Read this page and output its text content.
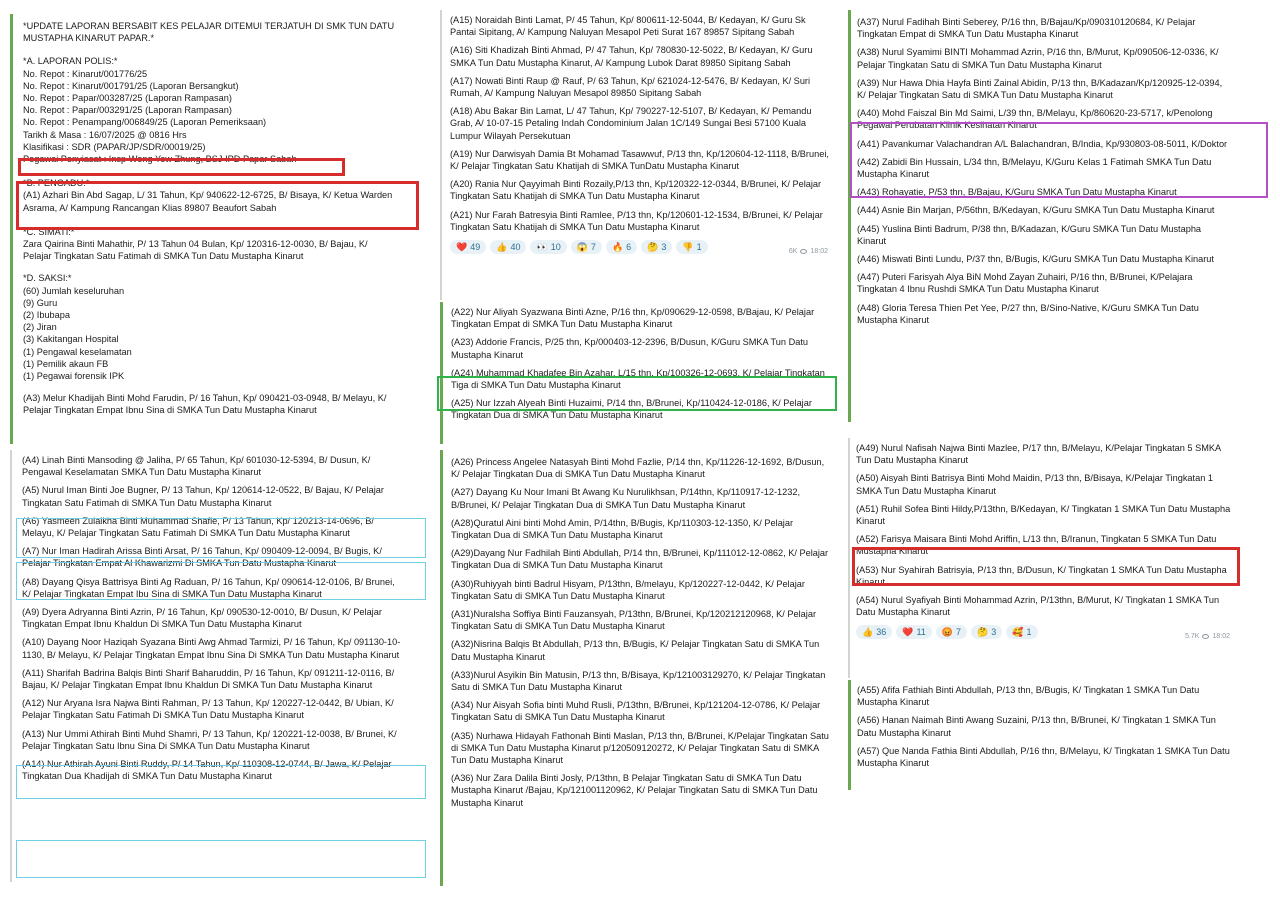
*UPDATE LAPORAN BERSABIT KES PELAJAR DITEMUI TERJATUH DI SMK TUN DATU
MUSTAPHA KINARUT PAPAR.*
*A. LAPORAN POLIS:*
No. Repot : Kinarut/001776/25
No. Repot : Kinarut/001791/25 (Laporan Bersangkut)
No. Repot : Papar/003287/25 (Laporan Rampasan)
No. Repot : Papar/003291/25 (Laporan Rampasan)
No. Repot : Penampang/006849/25 (Laporan Pemeriksaan)
Tarikh & Masa : 16/07/2025 @ 0816 Hrs
Klasifikasi : SDR (PAPAR/JP/SDR/00019/25)
Pegawai Penyiasat : Insp Wong Yew Zhung, BSJ IPD Papar Sabah
*B. PENGADU:*
(A1) Azhari Bin Abd Sagap, L/ 31 Tahun, Kp/ 940622-12-6725, B/ Bisaya, K/ Ketua Warden
Asrama, A/ Kampung Rancangan Klias 89807 Beaufort Sabah
*C. SIMATI:*
Zara Qairina Binti Mahathir, P/ 13 Tahun 04 Bulan, Kp/ 120316-12-0030, B/ Bajau, K/
Pelajar Tingkatan Satu Fatimah di SMKA Tun Datu Mustapha Kinarut
*D. SAKSI:*
(60) Jumlah keseluruhan
(9) Guru
(2) Ibubapa
(2) Jiran
(3) Kakitangan Hospital
(1) Pengawal keselamatan
(1) Pemilik akaun FB
(1) Pegawai forensik IPK
(A3) Melur Khadijah Binti Mohd Farudin, P/ 16 Tahun, Kp/ 090421-03-0948, B/ Melayu, K/
Pelajar Tingkatan Empat Ibnu Sina di SMKA Tun Datu Mustapha Kinarut
(A4) Linah Binti Mansoding @ Jaliha, P/ 65 Tahun, Kp/ 601030-12-5394, B/ Dusun, K/ Pengawal Keselamatan SMKA Tun Datu Mustapha Kinarut
(A5) Nurul Iman Binti Joe Bugner, P/ 13 Tahun, Kp/ 120614-12-0522, B/ Bajau, K/ Pelajar Tingkatan Satu Fatimah di SMKA Tun Datu Mustapha Kinarut
(A6) Yasmeen Zulaikha Binti Muhammad Shafie, P/ 13 Tahun, Kp/ 120213-14-0696, B/ Melayu, K/ Pelajar Tingkatan Satu Fatimah Di SMKA Tun Datu Mustapha Kinarut
(A7) Nur Iman Hadirah Arissa Binti Arsat, P/ 16 Tahun, Kp/ 090409-12-0094, B/ Bugis, K/ Pelajar Tingkatan Empat Al Khawarizmi Di SMKA Tun Datu Mustapha Kinarut
(A8) Dayang Qisya Battrisya Binti Ag Raduan, P/ 16 Tahun, Kp/ 090614-12-0106, B/ Brunei, K/ Pelajar Tingkatan Empat Ibu Sina di SMKA Tun Datu Mustapha Kinarut
(A9) Dyera Adryanna Binti Azrin, P/ 16 Tahun, Kp/ 090530-12-0010, B/ Dusun, K/ Pelajar Tingkatan Empat Ibnu Khaldun Di SMKA Tun Datu Mustapha Kinarut
(A10) Dayang Noor Haziqah Syazana Binti Awg Ahmad Tarmizi, P/ 16 Tahun, Kp/ 091130-10-1130, B/ Melayu, K/ Pelajar Tingkatan Empat Ibnu Sina Di SMKA Tun Datu Mustapha Kinarut
(A11) Sharifah Badrina Balqis Binti Sharif Baharuddin, P/ 16 Tahun, Kp/ 091211-12-0116, B/ Bajau, K/ Pelajar Tingkatan Empat Ibnu Khaldun Di SMKA Tun Datu Mustapha Kinarut
(A12) Nur Aryana Isra Najwa Binti Rahman, P/ 13 Tahun, Kp/ 120227-12-0442, B/ Ubian, K/ Pelajar Tingkatan Satu Fatimah Di SMKA Tun Datu Mustapha Kinarut
(A13) Nur Ummi Athirah Binti Muhd Shamri, P/ 13 Tahun, Kp/ 120221-12-0038, B/ Brunei, K/ Pelajar Tingkatan Satu Ibnu Sina Di SMKA Tun Datu Mustapha Kinarut
(A14) Nur Athirah Ayuni Binti Ruddy, P/ 14 Tahun, Kp/ 110308-12-0744, B/ Jawa, K/ Pelajar Tingkatan Dua Khadijah di SMKA Tun Datu Mustapha Kinarut
(A15) Noraidah Binti Lamat, P/ 45 Tahun, Kp/ 800611-12-5044, B/ Kedayan, K/ Guru Sk Pantai Sipitang, A/ Kampung Naluyan Mesapol Peti Surat 167 89857 Sipitang Sabah
(A16) Siti Khadizah Binti Ahmad, P/ 47 Tahun, Kp/ 780830-12-5022, B/ Kedayan, K/ Guru SMKA Tun Datu Mustapha Kinarut, A/ Kampung Lubok Darat 89850 Sipitang Sabah
(A17) Nowati Binti Raup @ Rauf, P/ 63 Tahun, Kp/ 621024-12-5476, B/ Kedayan, K/ Suri Rumah, A/ Kampung Naluyan Mesapol 89850 Sipitang Sabah
(A18) Abu Bakar Bin Lamat, L/ 47 Tahun, Kp/ 790227-12-5107, B/ Kedayan, K/ Pemandu Grab, A/ 10-07-15 Petaling Indah Condominium Jalan 1C/149 Sungai Besi 57100 Kuala Lumpur Wilayah Persekutuan
(A19) Nur Darwisyah Damia Bt Mohamad Tasawwuf, P/13 thn, Kp/120604-12-1118, B/Brunei, K/ Pelajar Tingkatan Satu Khatijah di SMKA TunDatu Mustapha Kinarut
(A20) Rania Nur Qayyimah Binti Rozaily,P/13 thn, Kp/120322-12-0344, B/Brunei, K/ Pelajar Tingkatan Satu Khatijah di SMKA Tun Datu Mustapha Kinarut
(A21) Nur Farah Batresyia Binti Ramlee, P/13 thn, Kp/120601-12-1534, B/Brunei, K/ Pelajar Tingkatan Satu Khatijah di SMKA Tun Datu Mustapha Kinarut
❤️ 49 👍 40 👀 10 😱 7 🔥 6 🤔 3 👎 1	6K 18:02
(A22) Nur Aliyah Syazwana Binti Azne, P/16 thn, Kp/090629-12-0598, B/Bajau, K/ Pelajar Tingkatan Empat di SMKA Tun Datu Mustapha Kinarut
(A23) Addorie Francis, P/25 thn, Kp/000403-12-2396, B/Dusun, K/Guru SMKA Tun Datu Mustapha Kinarut
(A24) Muhammad Khadafee Bin Azahar, L/15 thn, Kp/100326-12-0693, K/ Pelajar Tingkatan Tiga di SMKA Tun Datu Mustapha Kinarut
(A25) Nur Izzah Alyeah Binti Huzaimi, P/14 thn, B/Brunei, Kp/110424-12-0186, K/ Pelajar Tingkatan Dua di SMKA Tun Datu Mustapha Kinarut
(A26) Princess Angelee Natasyah Binti Mohd Fazlie, P/14 thn, Kp/11226-12-1692, B/Dusun, K/ Pelajar Tingkatan Dua di SMKA Tun Datu Mustapha Kinarut
(A27) Dayang Ku Nour Imani Bt Awang Ku Nurulikhsan, P/14thn, Kp/110917-12-1232, B/Brunei, K/ Pelajar Tingkatan Dua di SMKA Tun Datu Mustapha Kinarut
(A28)Quratul Aini binti Mohd Amin, P/14thn, B/Bugis, Kp/110303-12-1350, K/ Pelajar Tingkatan Dua di SMKA Tun Datu Mustapha Kinarut
(A29)Dayang Nur Fadhilah Binti Abdullah, P/14 thn, B/Brunei, Kp/111012-12-0862, K/ Pelajar Tingkatan Dua di SMKA Tun Datu Mustapha Kinarut
(A30)Ruhiyyah binti Badrul Hisyam, P/13thn, B/melayu, Kp/120227-12-0442, K/ Pelajar Tingkatan Satu di SMKA Tun Datu Mustapha Kinarut
(A31)Nuralsha Soffiya Binti Fauzansyah, P/13thn, B/Brunei, Kp/120212120968, K/ Pelajar Tingkatan Satu di SMKA Tun Datu Mustapha Kinarut
(A32)Nisrina Balqis Bt Abdullah, P/13 thn, B/Bugis, K/ Pelajar Tingkatan Satu di SMKA Tun Datu Mustapha Kinarut
(A33)Nurul Asyikin Bin Matusin, P/13 thn, B/Bisaya, Kp/121003129270, K/ Pelajar Tingkatan Satu di SMKA Tun Datu Mustapha Kinarut
(A34) Nur Aisyah Sofia binti Muhd Rusli, P/13thn, B/Brunei, Kp/121204-12-0786, K/ Pelajar Tingkatan Satu di SMKA Tun Datu Mustapha Kinarut
(A35) Nurhawa Hidayah Fathonah Binti Maslan, P/13 thn, B/Brunei, K/Pelajar Tingkatan Satu di SMKA Tun Datu Mustapha Kinarut p/120509120272, K/ Pelajar Tingkatan Satu di SMKA Tun Datu Mustapha Kinarut
(A36) Nur Zara Dalila Binti Josly, P/13thn, B Pelajar Tingkatan Satu di SMKA Tun Datu Mustapha Kinarut /Bajau, Kp/121001120962, K/ Pelajar Tingkatan Satu di SMKA Tun Datu Mustapha Kinarut
(A37) Nurul Fadihah Binti Seberey, P/16 thn, B/Bajau/Kp/090310120684, K/ Pelajar Tingkatan Empat di SMKA Tun Datu Mustapha Kinarut
(A38) Nurul Syamimi BINTI Mohammad Azrin, P/16 thn, B/Murut, Kp/090506-12-0336, K/ Pelajar Tingkatan Satu di SMKA Tun Datu Mustapha Kinarut
(A39) Nur Hawa Dhia Hayfa Binti Zainal Abidin, P/13 thn, B/Kadazan/Kp/120925-12-0394, K/ Pelajar Tingkatan Satu di SMKA Tun Datu Mustapha Kinarut
(A40) Mohd Faiszal Bin Md Saimi, L/39 thn, B/Melayu, Kp/860620-23-5717, k/Penolong Pegawai Perubatan Klinik Kesihatan Kinarut
(A41) Pavankumar Valachandran A/L Balachandran, B/India, Kp/930803-08-5011, K/Doktor
(A42) Zabidi Bin Hussain, L/34 thn, B/Melayu, K/Guru Kelas 1 Fatimah SMKA Tun Datu Mustapha Kinarut
(A43) Rohayatie, P/53 thn, B/Bajau, K/Guru SMKA Tun Datu Mustapha Kinarut
(A44) Asnie Bin Marjan, P/56thn, B/Kedayan, K/Guru SMKA Tun Datu Mustapha Kinarut
(A45) Yuslina Binti Badrum, P/38 thn, B/Kadazan, K/Guru SMKA Tun Datu Mustapha Kinarut
(A46) Miswati Binti Lundu, P/37 thn, B/Bugis, K/Guru SMKA Tun Datu Mustapha Kinarut
(A47) Puteri Farisyah Alya BiN Mohd Zayan Zuhairi, P/16 thn, B/Brunei, K/Pelajara Tingkatan 4 Ibnu Rushdi SMKA Tun Datu Mustapha Kinarut
(A48) Gloria Teresa Thien Pet Yee, P/27 thn, B/Sino-Native, K/Guru SMKA Tun Datu Mustapha Kinarut
(A49) Nurul Nafisah Najwa Binti Mazlee, P/17 thn, B/Melayu, K/Pelajar Tingkatan 5 SMKA Tun Datu Mustapha Kinarut
(A50) Aisyah Binti Batrisya Binti Mohd Maidin, P/13 thn, B/Bisaya, K/Pelajar Tingkatan 1 SMKA Tun Datu Mustapha Kinarut
(A51) Ruhil Sofea Binti Hildy,P/13thn, B/Kedayan, K/ Tingkatan 1 SMKA Tun Datu Mustapha Kinarut
(A52) Farisya Maisara Binti Mohd Ariffin, L/13 thn, B/Iranun, Tingkatan 5 SMKA Tun Datu Mustapha Kinarut
(A53) Nur Syahirah Batrisyia, P/13 thn, B/Dusun, K/ Tingkatan 1 SMKA Tun Datu Mustapha Kinarut
(A54) Nurul Syafiyah Binti Mohammad Azrin, P/13thn, B/Murut, K/ Tingkatan 1 SMKA Tun Datu Mustapha Kinarut
👍 36 ❤️ 11 😡 7 🤔 3 🥰 1	5.7K 18:02
(A55) Afifa Fathiah Binti Abdullah, P/13 thn, B/Bugis, K/ Tingkatan 1 SMKA Tun Datu Mustapha Kinarut
(A56) Hanan Naimah Binti Awang Suzaini, P/13 thn, B/Brunei, K/ Tingkatan 1 SMKA Tun Datu Mustapha Kinarut
(A57) Que Nanda Fathia Binti Abdullah, P/16 thn, B/Melayu, K/ Tingkatan 1 SMKA Tun Datu Mustapha Kinarut
